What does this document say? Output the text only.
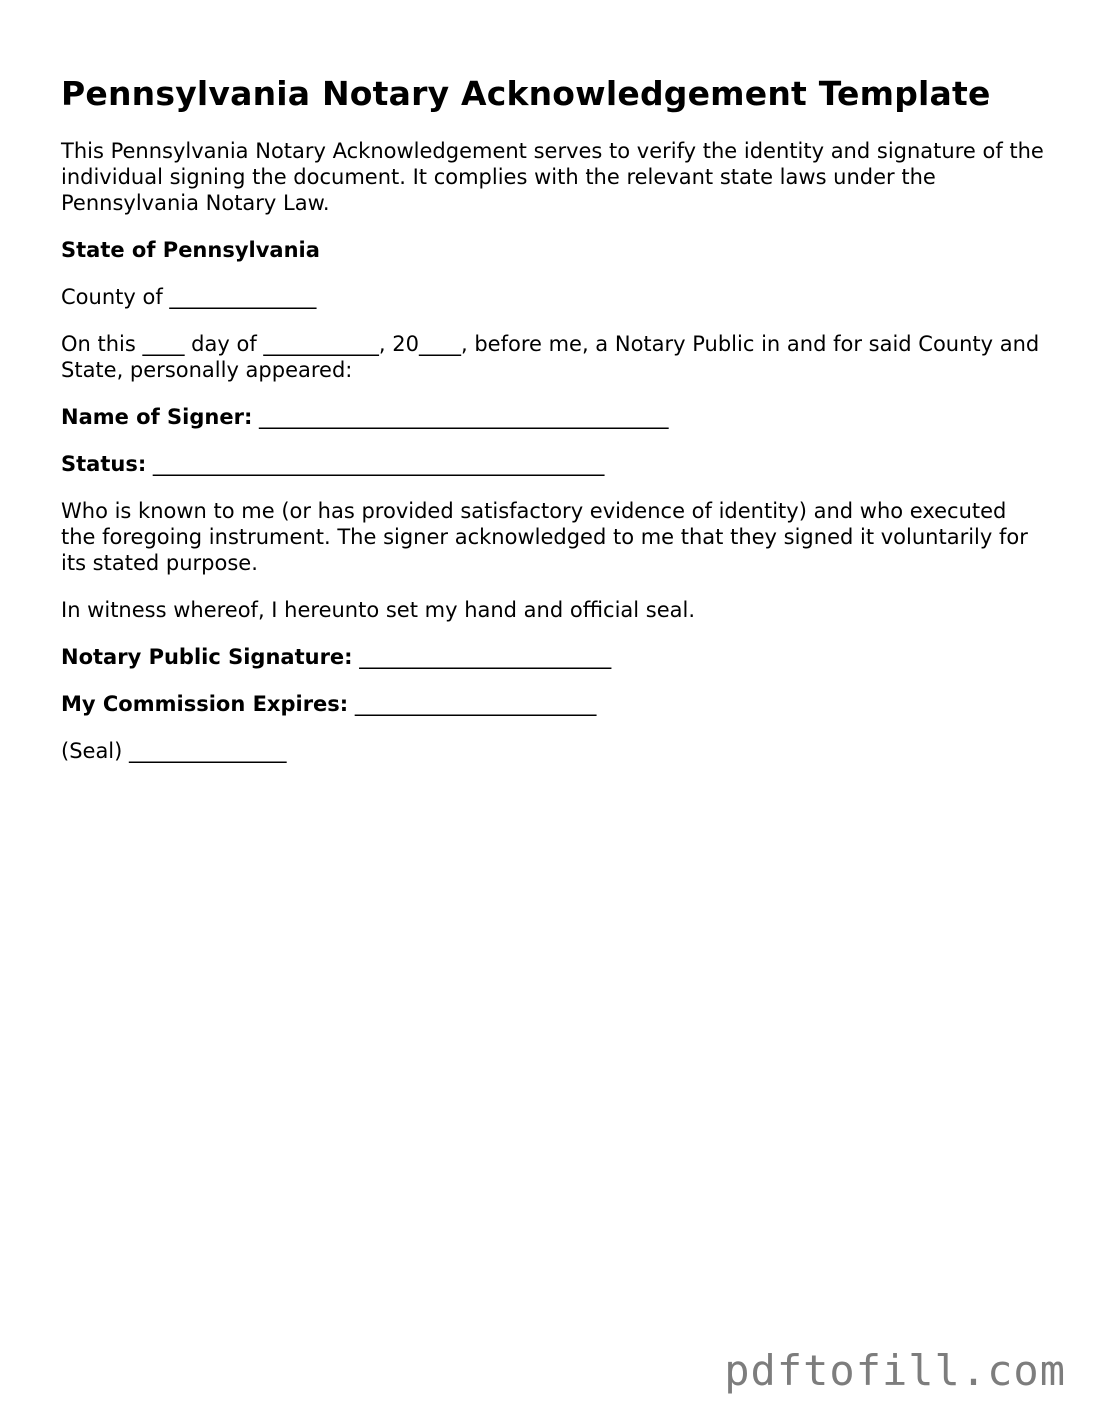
Pennsylvania Notary Acknowledgement Template

This Pennsylvania Notary Acknowledgement serves to verify the identity and signature of the individual signing the document. It complies with the relevant state laws under the Pennsylvania Notary Law.

State of Pennsylvania

County of ______________

On this ____ day of ___________, 20____, before me, a Notary Public in and for said County and State, personally appeared:

Name of Signer: _______________________________________

Status: ___________________________________________

Who is known to me (or has provided satisfactory evidence of identity) and who executed the foregoing instrument. The signer acknowledged to me that they signed it voluntarily for its stated purpose.

In witness whereof, I hereunto set my hand and official seal.

Notary Public Signature: ________________________

My Commission Expires: _______________________

(Seal) _______________

pdftofill.com
